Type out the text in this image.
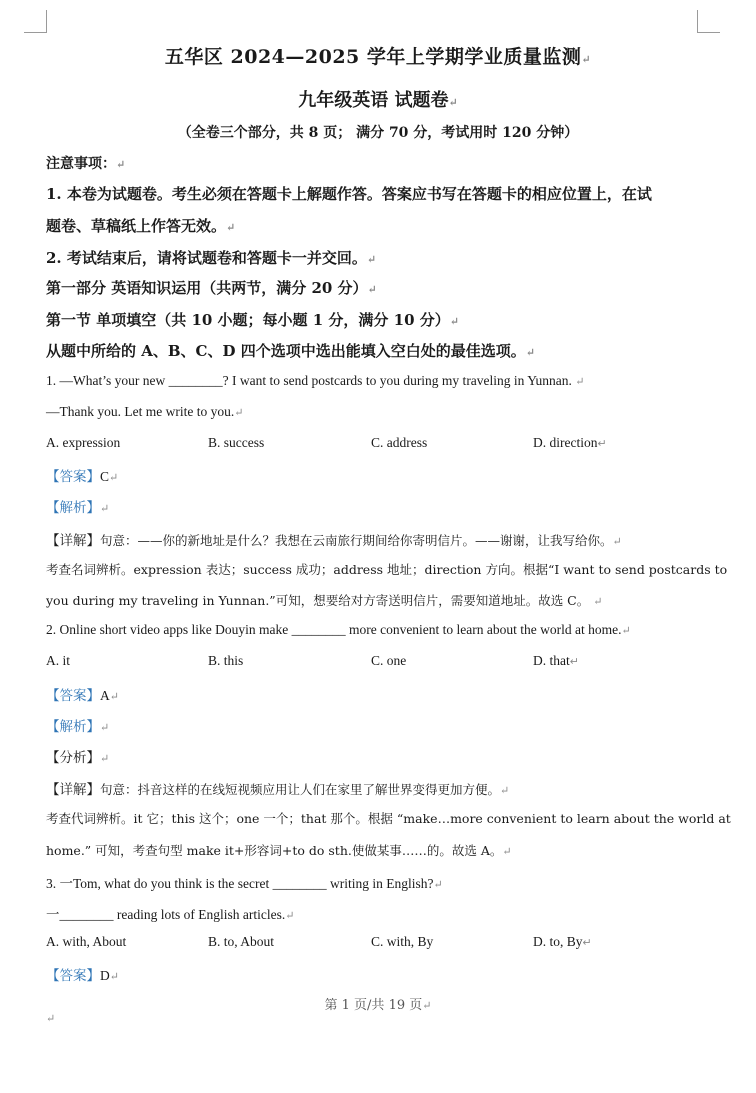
五华区 2024—2025 学年上学期学业质量监测↵
九年级英语 试题卷↵
（全卷三个部分，共 8 页； 满分 70 分，考试用时 120 分钟）
注意事项：↵
1. 本卷为试题卷。考生必须在答题卡上解题作答。答案应书写在答题卡的相应位置上，在试
题卷、草稿纸上作答无效。↵
2. 考试结束后，请将试题卷和答题卡一并交回。↵
第一部分 英语知识运用（共两节，满分 20 分）↵
第一节 单项填空（共 10 小题；每小题 1 分，满分 10 分）↵
从题中所给的 A、B、C、D 四个选项中选出能填入空白处的最佳选项。↵
1. —What’s your new ________? I want to send postcards to you during my traveling in Yunnan. ↵
—Thank you. Let me write to you.↵
A. expression	B. success	C. address	D. direction↵
【答案】C↵
【解析】↵
【详解】句意：——你的新地址是什么？我想在云南旅行期间给你寄明信片。——谢谢，让我写给你。↵
考查名词辨析。expression 表达；success 成功；address 地址；direction 方向。根据“I want to send postcards to
you during my traveling in Yunnan.”可知，想要给对方寄送明信片，需要知道地址。故选 C。 ↵
2. Online short video apps like Douyin make ________ more convenient to learn about the world at home.↵
A. it	B. this	C. one	D. that↵
【答案】A↵
【解析】↵
【分析】↵
【详解】句意：抖音这样的在线短视频应用让人们在家里了解世界变得更加方便。↵
考查代词辨析。it 它；this 这个；one 一个；that 那个。根据 “make…more convenient to learn about the world at
home.” 可知，考查句型 make it+形容词+to do sth.使做某事……的。故选 A。↵
3. 一Tom, what do you think is the secret ________ writing in English?↵
一________ reading lots of English articles.↵
A. with, About	B. to, About	C. with, By	D. to, By↵
【答案】D↵
第 1 页/共 19 页↵
↵
